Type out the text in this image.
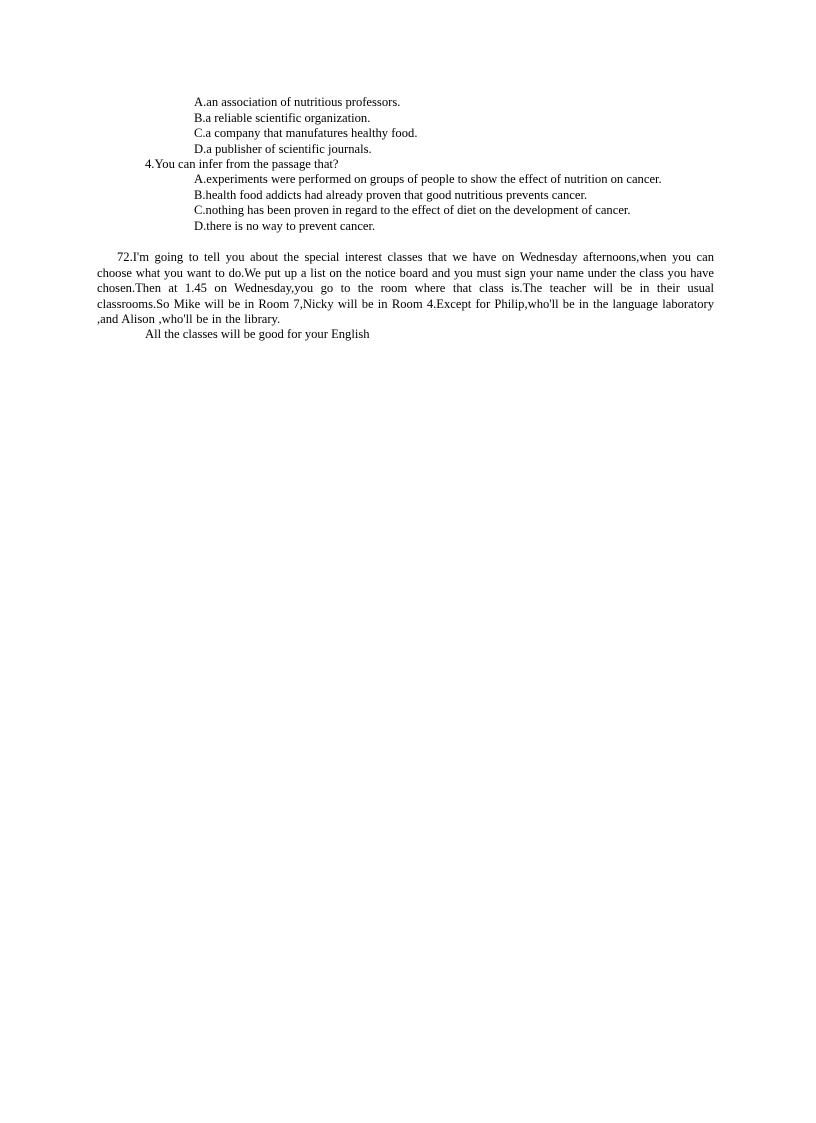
A.an association of nutritious professors.
B.a reliable scientific organization.
C.a company that manufatures healthy food.
D.a publisher of scientific journals.
4.You can infer from the passage that?
A.experiments were performed on groups of people to show the effect of nutrition on cancer.
B.health food addicts had already proven that good nutritious prevents cancer.
C.nothing has been proven in regard to the effect of diet on the development of cancer.
D.there is no way to prevent cancer.
72.I'm going to tell you about the special interest classes that we have on Wednesday afternoons,when you can choose what you want to do.We put up a list on the notice board and you must sign your name under the class you have chosen.Then at 1.45 on Wednesday,you go to the room where that class is.The teacher will be in their usual classrooms.So Mike will be in Room 7,Nicky will be in Room 4.Except for Philip,who'll be in the language laboratory ,and Alison ,who'll be in the library.
All the classes will be good for your English
